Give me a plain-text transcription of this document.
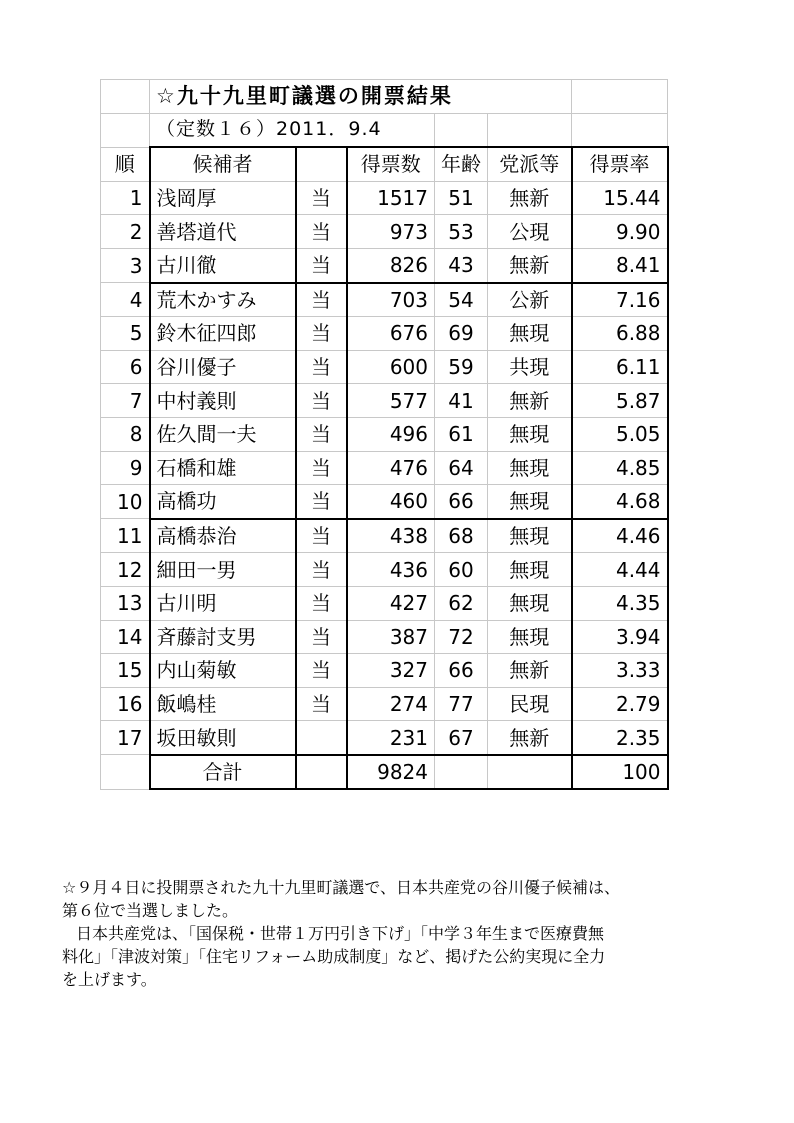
	☆九十九里町議選の開票結果					
	（定数１６）2011．9.4					
順	候補者		得票数	年齢	党派等	得票率
1	浅岡厚	当	1517	51	無新	15.44
2	善塔道代	当	973	53	公現	9.90
3	古川徹	当	826	43	無新	8.41
4	荒木かすみ	当	703	54	公新	7.16
5	鈴木征四郎	当	676	69	無現	6.88
6	谷川優子	当	600	59	共現	6.11
7	中村義則	当	577	41	無新	5.87
8	佐久間一夫	当	496	61	無現	5.05
9	石橋和雄	当	476	64	無現	4.85
10	高橋功	当	460	66	無現	4.68
11	高橋恭治	当	438	68	無現	4.46
12	細田一男	当	436	60	無現	4.44
13	古川明	当	427	62	無現	4.35
14	斉藤討支男	当	387	72	無現	3.94
15	内山菊敏	当	327	66	無新	3.33
16	飯嶋桂	当	274	77	民現	2.79
17	坂田敏則		231	67	無新	2.35
	合計		9824			100

☆９月４日に投開票された九十九里町議選で、日本共産党の谷川優子候補は、

第６位で当選しました。

日本共産党は、「国保税・世帯１万円引き下げ」「中学３年生まで医療費無

料化」「津波対策」「住宅リフォーム助成制度」など、掲げた公約実現に全力

を上げます。
